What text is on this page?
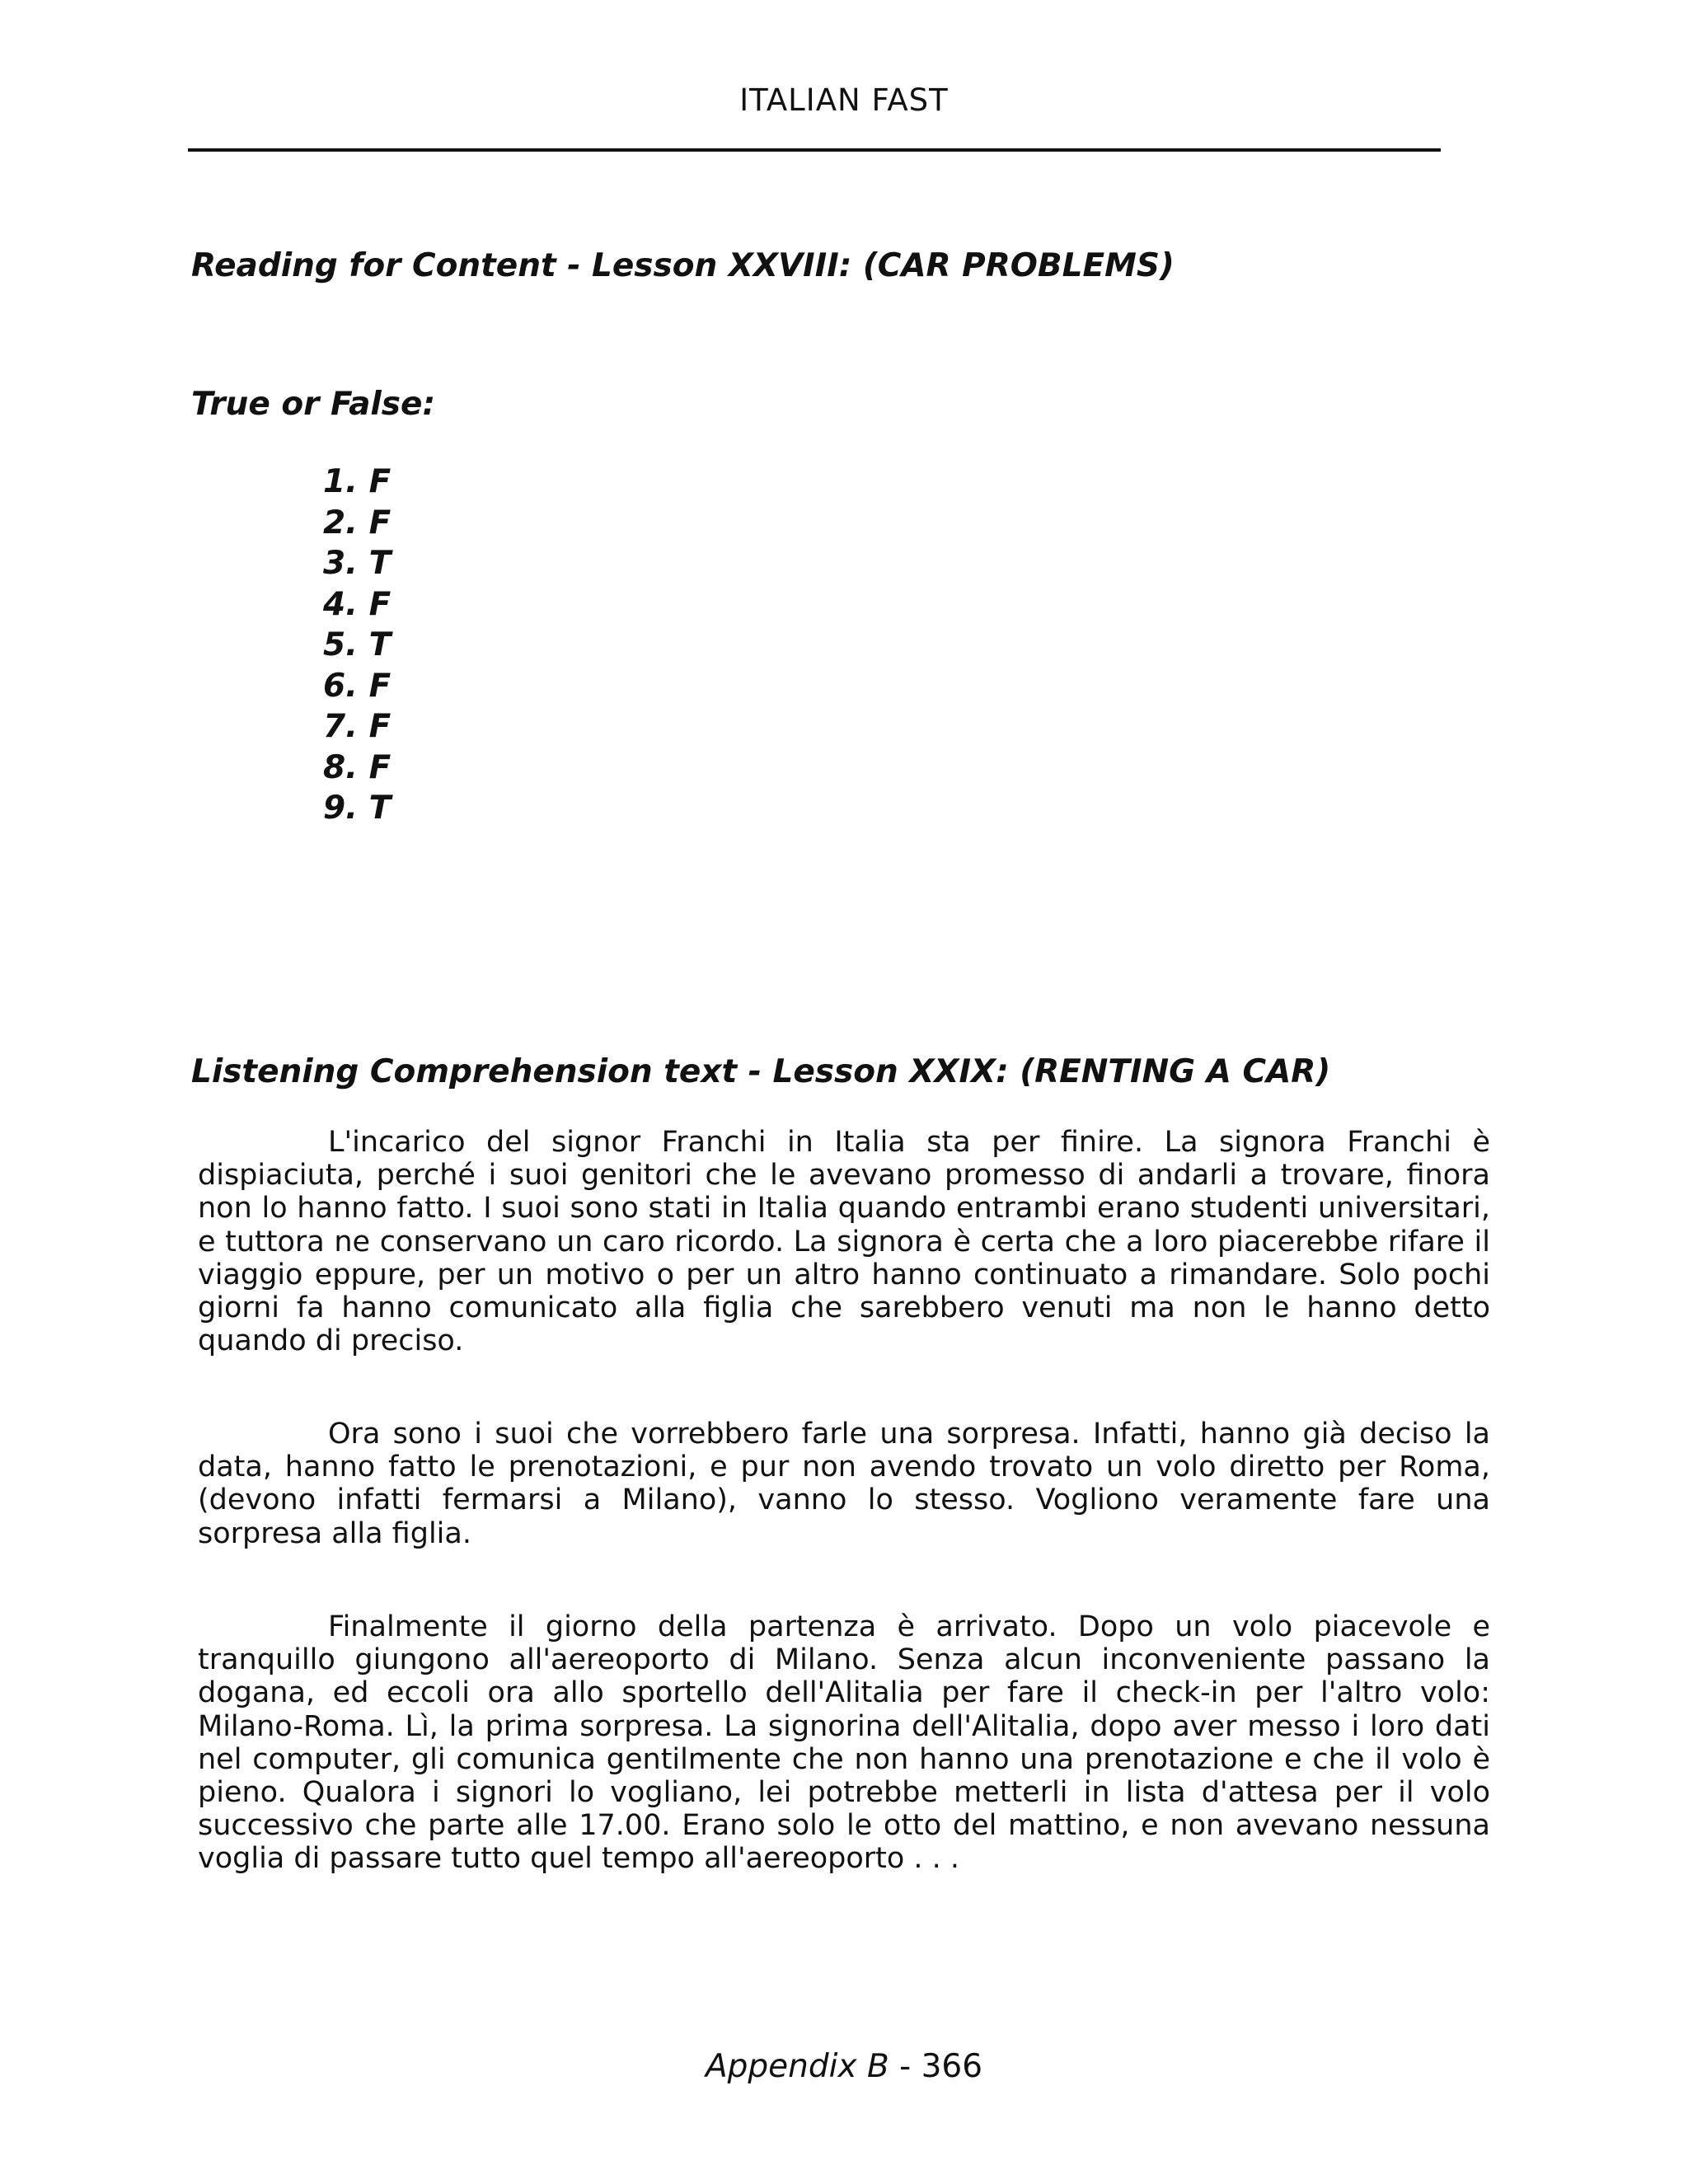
ITALIAN FAST
Reading for Content - Lesson XXVIII: (CAR PROBLEMS)
True or False:
1. F
2. F
3. T
4. F
5. T
6. F
7. F
8. F
9. T
Listening Comprehension text - Lesson XXIX: (RENTING A CAR)

L'incarico del signor Franchi in Italia sta per finire. La signora Franchi è dispiaciuta, perché i suoi genitori che le avevano promesso di andarli a trovare, finora non lo hanno fatto. I suoi sono stati in Italia quando entrambi erano studenti universitari, e tuttora ne conservano un caro ricordo. La signora è certa che a loro piacerebbe rifare il viaggio eppure, per un motivo o per un altro hanno continuato a rimandare. Solo pochi giorni fa hanno comunicato alla figlia che sarebbero venuti ma non le hanno detto quando di preciso.

Ora sono i suoi che vorrebbero farle una sorpresa. Infatti, hanno già deciso la data, hanno fatto le prenotazioni, e pur non avendo trovato un volo diretto per Roma, (devono infatti fermarsi a Milano), vanno lo stesso. Vogliono veramente fare una sorpresa alla figlia.

Finalmente il giorno della partenza è arrivato. Dopo un volo piacevole e tranquillo giungono all'aereoporto di Milano. Senza alcun inconveniente passano la dogana, ed eccoli ora allo sportello dell'Alitalia per fare il check-in per l'altro volo: Milano-Roma. Lì, la prima sorpresa. La signorina dell'Alitalia, dopo aver messo i loro dati nel computer, gli comunica gentilmente che non hanno una prenotazione e che il volo è pieno. Qualora i signori lo vogliano, lei potrebbe metterli in lista d'attesa per il volo successivo che parte alle 17.00. Erano solo le otto del mattino, e non avevano nessuna voglia di passare tutto quel tempo all'aereoporto . . .

Appendix B - 366
